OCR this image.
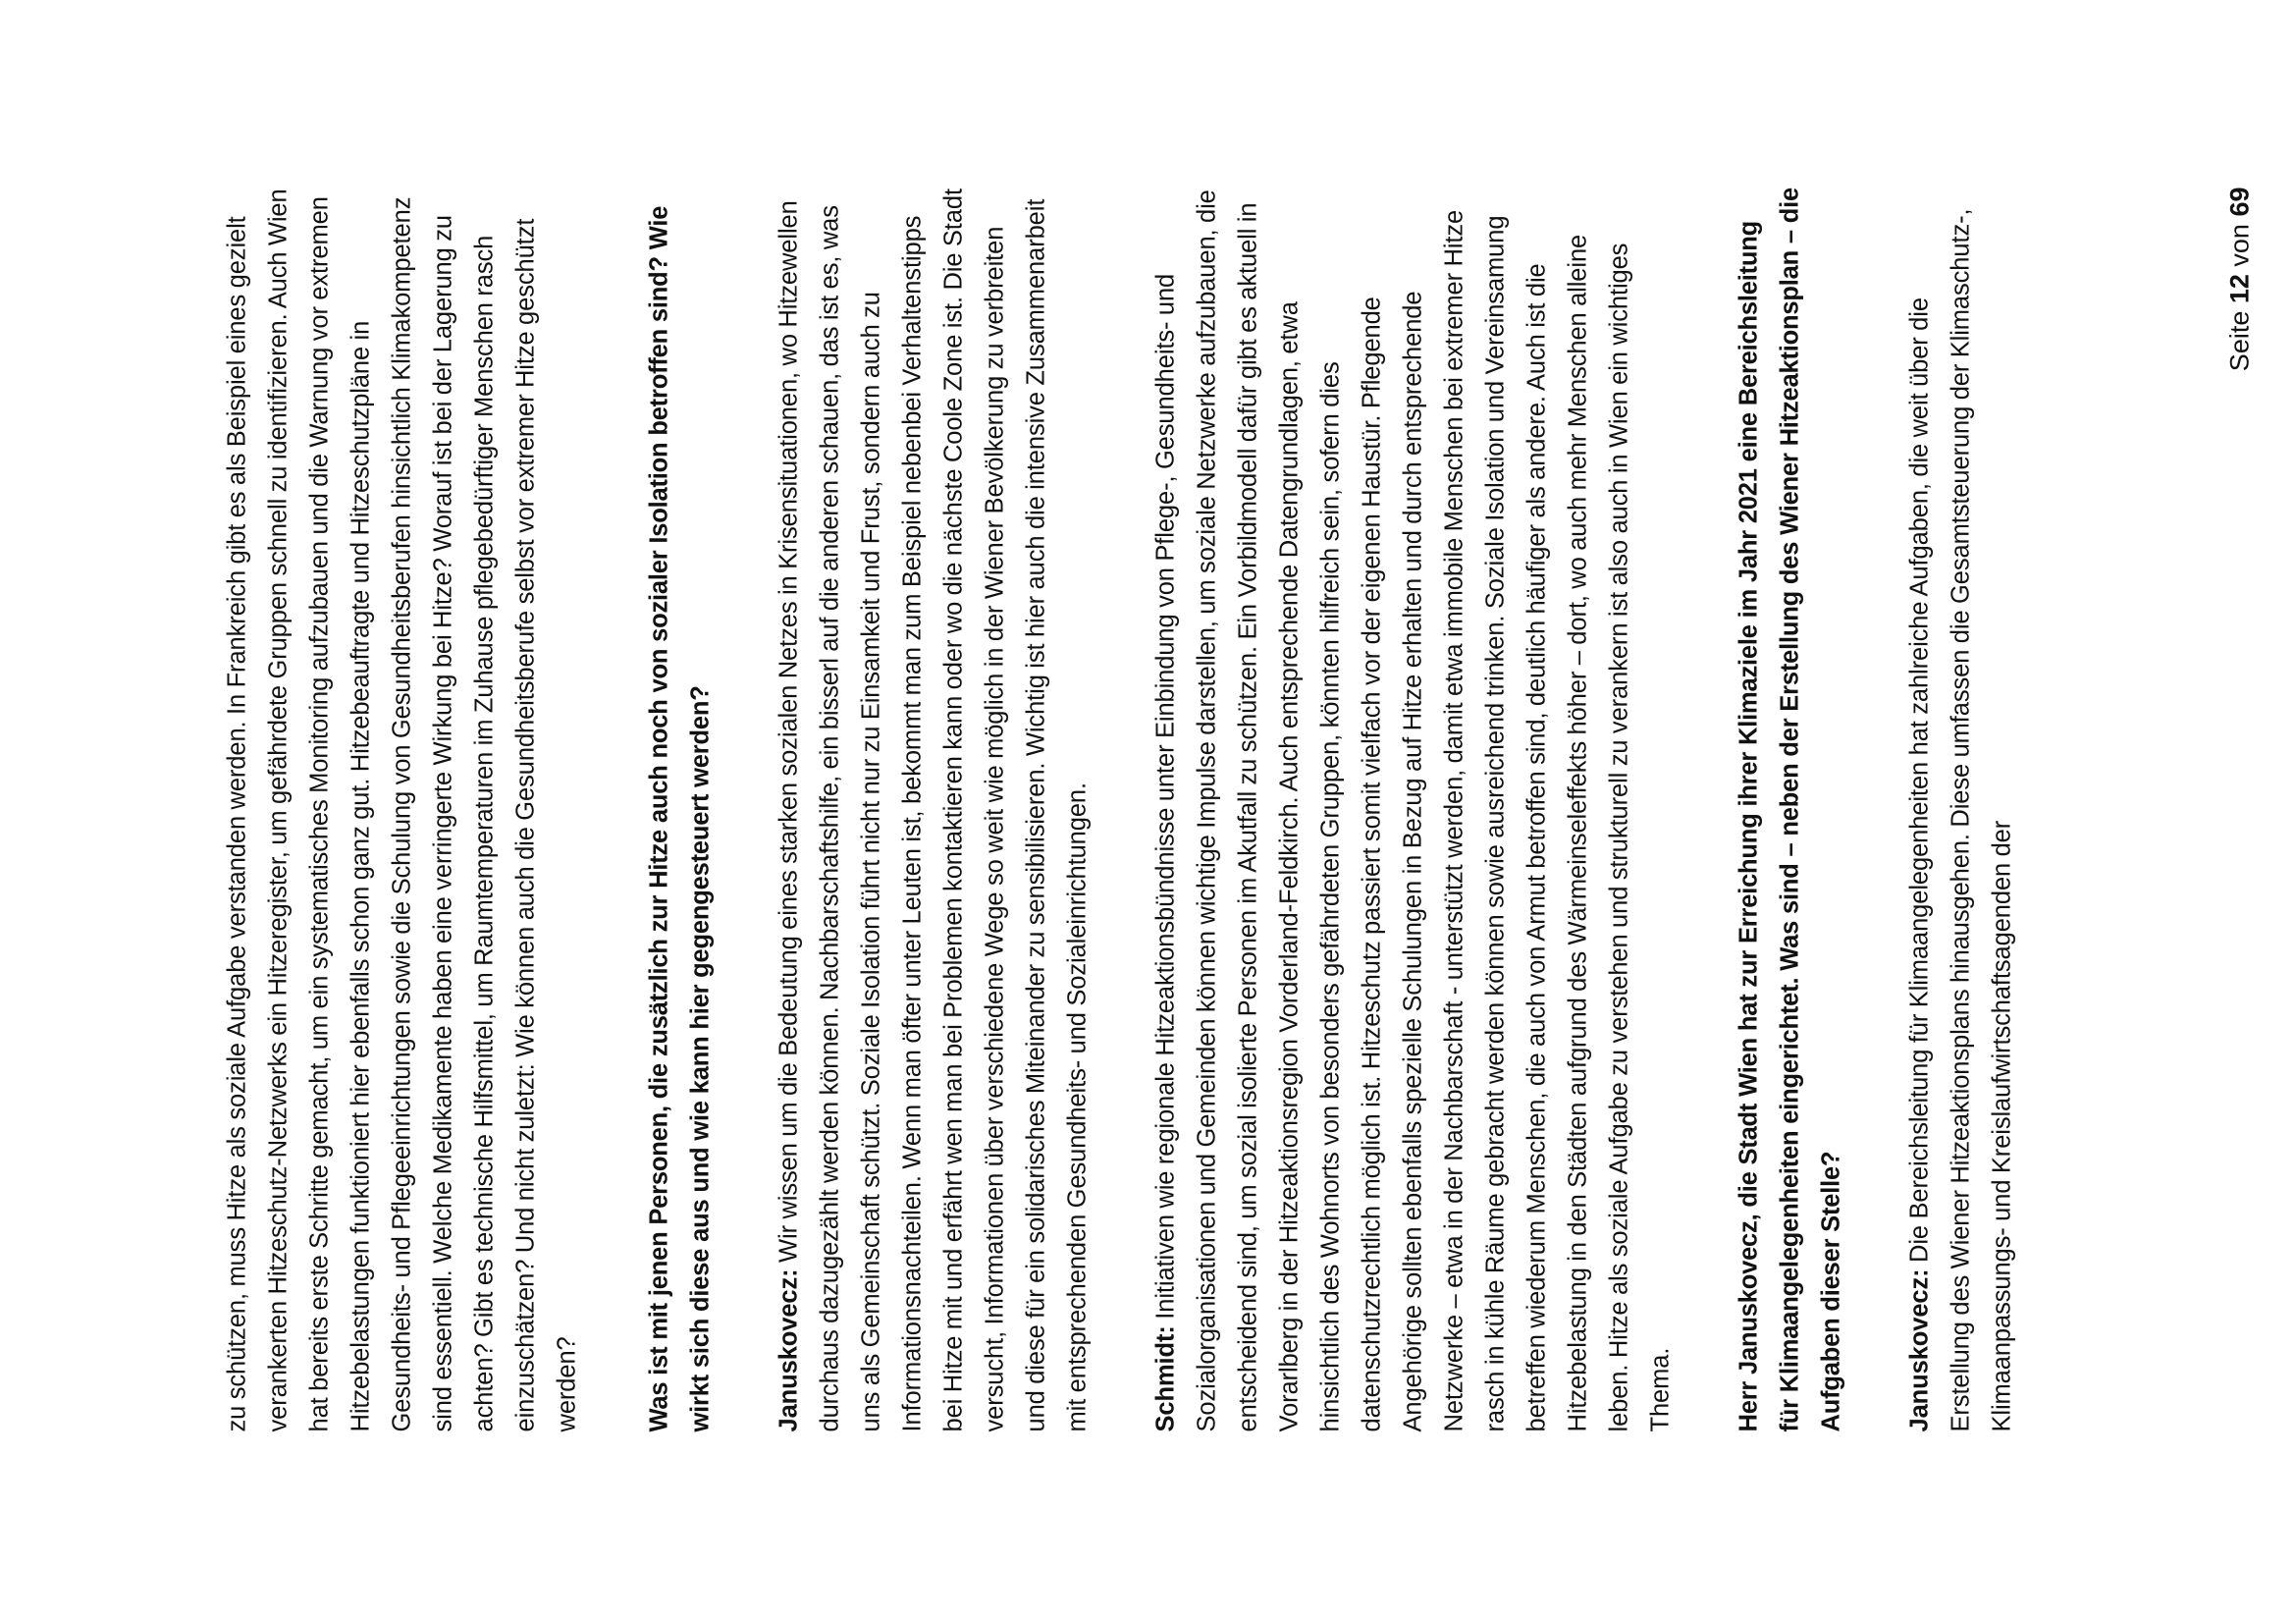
zu schützen, muss Hitze als soziale Aufgabe verstanden werden. In Frankreich gibt es als Beispiel eines gezielt verankerten Hitzeschutz-Netzwerks ein Hitzeregister, um gefährdete Gruppen schnell zu identifizieren. Auch Wien hat bereits erste Schritte gemacht, um ein systematisches Monitoring aufzubauen und die Warnung vor extremen Hitzebelastungen funktioniert hier ebenfalls schon ganz gut. Hitzebeauftragte und Hitzeschutzpläne in Gesundheits- und Pflegeeinrichtungen sowie die Schulung von Gesundheitsberufen hinsichtlich Klimakompetenz sind essentiell. Welche Medikamente haben eine verringerte Wirkung bei Hitze? Worauf ist bei der Lagerung zu achten? Gibt es technische Hilfsmittel, um Raumtemperaturen im Zuhause pflegebedürftiger Menschen rasch einzuschätzen? Und nicht zuletzt: Wie können auch die Gesundheitsberufe selbst vor extremer Hitze geschützt werden?	Was ist mit jenen Personen, die zusätzlich zur Hitze auch noch von sozialer Isolation betroffen sind? Wie wirkt sich diese aus und wie kann hier gegengesteuert werden? Januskovecz: Wir wissen um die Bedeutung eines starken sozialen Netzes in Krisensituationen, wo Hitzewellen durchaus dazugezählt werden können. Nachbarschaftshilfe, ein bisserl auf die anderen schauen, das ist es, was uns als Gemeinschaft schützt. Soziale Isolation führt nicht nur zu Einsamkeit und Frust, sondern auch zu Informationsnachteilen. Wenn man öfter unter Leuten ist, bekommt man zum Beispiel nebenbei Verhaltenstipps bei Hitze mit und erfährt wen man bei Problemen kontaktieren kann oder wo die nächste Coole Zone ist. Die Stadt versucht, Informationen über verschiedene Wege so weit wie möglich in der Wiener Bevölkerung zu verbreiten und diese für ein solidarisches Miteinander zu sensibilisieren. Wichtig ist hier auch die intensive Zusammenarbeit mit entsprechenden Gesundheits- und Sozialeinrichtungen. Schmidt: Initiativen wie regionale Hitzeaktionsbündnisse unter Einbindung von Pflege-, Gesundheits- und Sozialorganisationen und Gemeinden können wichtige Impulse darstellen, um soziale Netzwerke aufzubauen, die entscheidend sind, um sozial isolierte Personen im Akutfall zu schützen. Ein Vorbildmodell dafür gibt es aktuell in Vorarlberg in der Hitzeaktionsregion Vorderland-Feldkirch. Auch entsprechende Datengrundlagen, etwa hinsichtlich des Wohnorts von besonders gefährdeten Gruppen, könnten hilfreich sein, sofern dies datenschutzrechtlich möglich ist. Hitzeschutz passiert somit vielfach vor der eigenen Haustür. Pflegende Angehörige sollten ebenfalls spezielle Schulungen in Bezug auf Hitze erhalten und durch entsprechende Netzwerke – etwa in der Nachbarschaft - unterstützt werden, damit etwa immobile Menschen bei extremer Hitze rasch in kühle Räume gebracht werden können sowie ausreichend trinken. Soziale Isolation und Vereinsamung betreffen wiederum Menschen, die auch von Armut betroffen sind, deutlich häufiger als andere. Auch ist die Hitzebelastung in den Städten aufgrund des Wärmeinseleffekts höher – dort, wo auch mehr Menschen alleine leben. Hitze als soziale Aufgabe zu verstehen und strukturell zu verankern ist also auch in Wien ein wichtiges Thema. Herr Januskovecz, die Stadt Wien hat zur Erreichung ihrer Klimaziele im Jahr 2021 eine Bereichsleitung für Klimaangelegenheiten eingerichtet. Was sind – neben der Erstellung des Wiener Hitzeaktionsplan – die Aufgaben dieser Stelle? Januskovecz: Die Bereichsleitung für Klimaangelegenheiten hat zahlreiche Aufgaben, die weit über die Erstellung des Wiener Hitzeaktionsplans hinausgehen. Diese umfassen die Gesamtsteuerung der Klimaschutz-, Klimaanpassungs- und Kreislaufwirtschaftsagenden der

Seite 12 von 69
